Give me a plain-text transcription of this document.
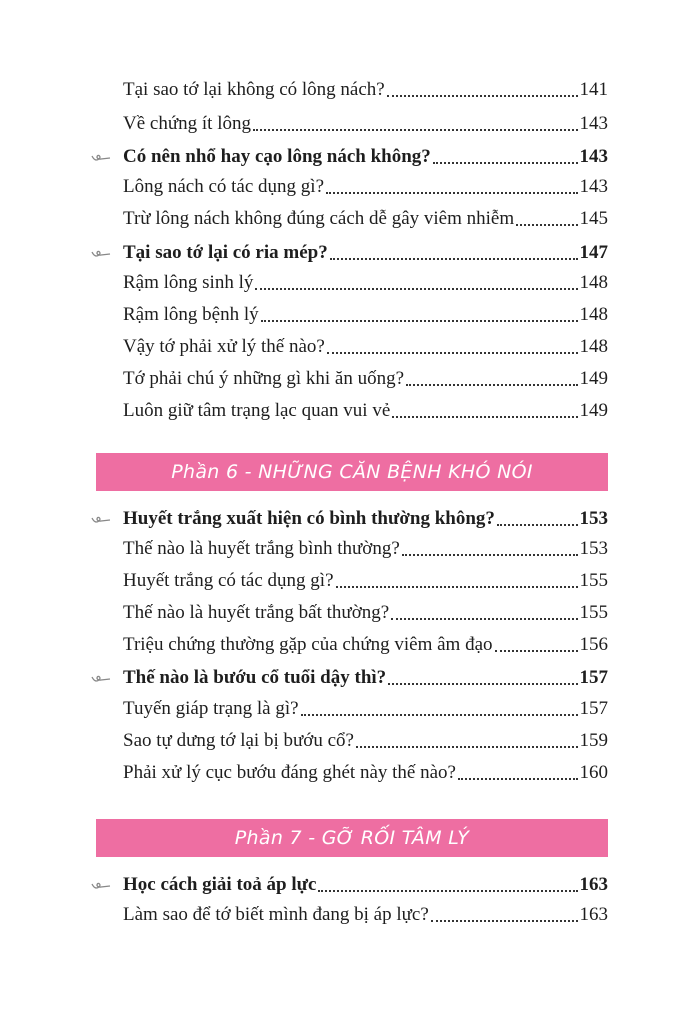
Tại sao tớ lại không có lông nách?	141
Về chứng ít lông	143
Có nên nhổ hay cạo lông nách không?	143
Lông nách có tác dụng gì?	143
Trừ lông nách không đúng cách dễ gây viêm nhiễm	145
Tại sao tớ lại có ria mép?	147
Rậm lông sinh lý	148
Rậm lông bệnh lý	148
Vậy tớ phải xử lý thế nào?	148
Tớ phải chú ý những gì khi ăn uống?	149
Luôn giữ tâm trạng lạc quan vui vẻ	149
Phần 6 - NHỮNG CĂN BỆNH KHÓ NÓI
Huyết trắng xuất hiện có bình thường không?	153
Thế nào là huyết trắng bình thường?	153
Huyết trắng có tác dụng gì?	155
Thế nào là huyết trắng bất thường?	155
Triệu chứng thường gặp của chứng viêm âm đạo	156
Thế nào là bướu cổ tuổi dậy thì?	157
Tuyến giáp trạng là gì?	157
Sao tự dưng tớ lại bị bướu cổ?	159
Phải xử lý cục bướu đáng ghét này thế nào?	160
Phần 7 - GỠ RỐI TÂM LÝ
Học cách giải toả áp lực	163
Làm sao để tớ biết mình đang bị áp lực?	163
